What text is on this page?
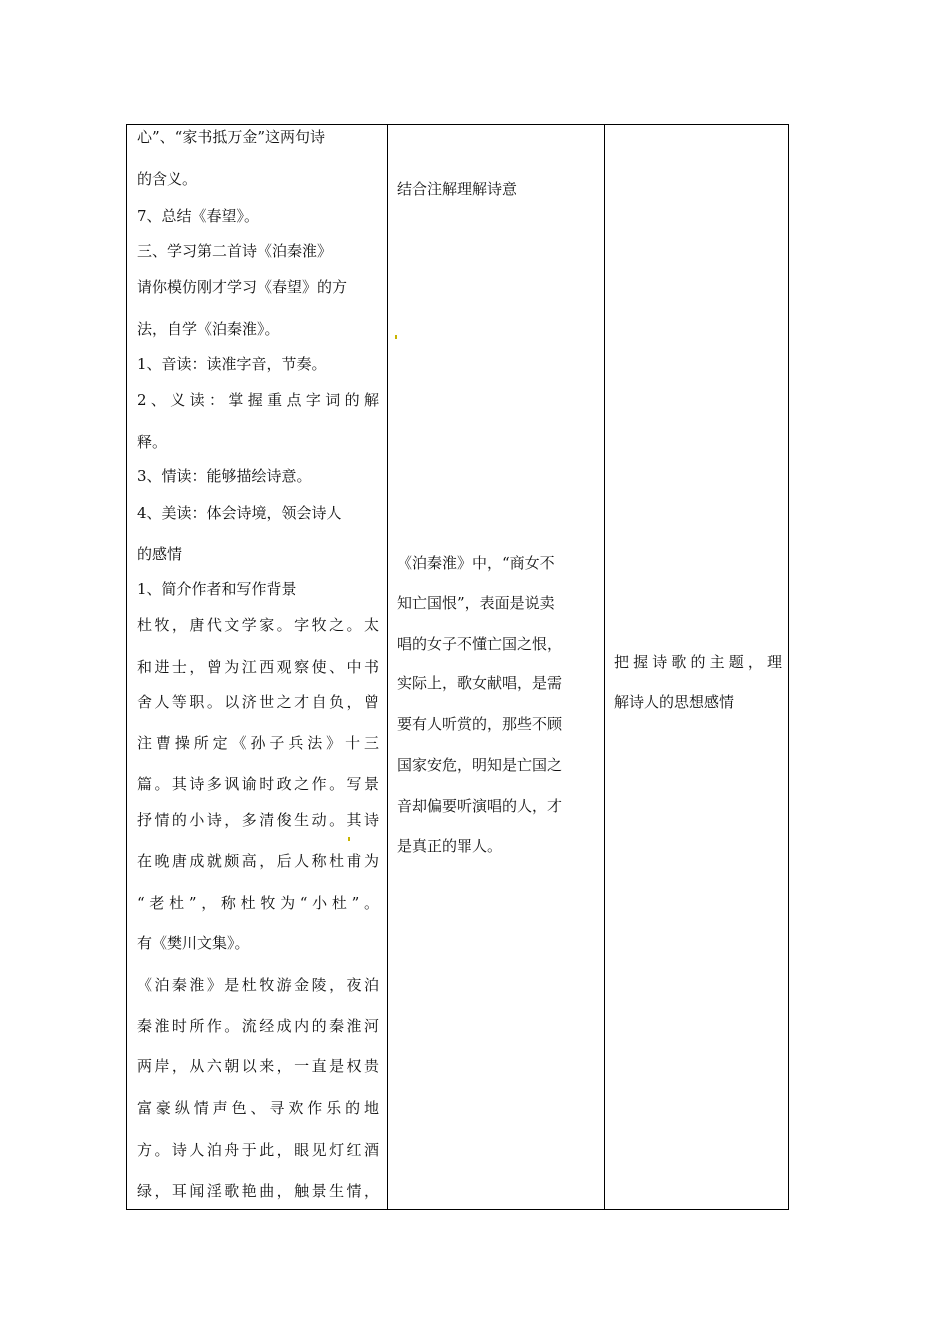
心”、“家书抵万金”这两句诗
的含义。
7、总结《春望》。
三、学习第二首诗《泊秦淮》
请你模仿刚才学习《春望》的方
法，自学《泊秦淮》。
1、音读：读准字音，节奏。
2、义读：掌握重点字词的解
释。
3、情读：能够描绘诗意。
4、美读：体会诗境，领会诗人
的感情
1、简介作者和写作背景
杜牧，唐代文学家。字牧之。太
和进士，曾为江西观察使、中书
舍人等职。以济世之才自负，曾
注曹操所定《孙子兵法》十三
篇。其诗多讽谕时政之作。写景
抒情的小诗，多清俊生动。其诗
在晚唐成就颇高，后人称杜甫为
“老杜”，称杜牧为“小杜”。
有《樊川文集》。
《泊秦淮》是杜牧游金陵，夜泊
秦淮时所作。流经成内的秦淮河
两岸，从六朝以来，一直是权贵
富豪纵情声色、寻欢作乐的地
方。诗人泊舟于此，眼见灯红酒
绿，耳闻淫歌艳曲，触景生情，
结合注解理解诗意
《泊秦淮》中，“商女不
知亡国恨”，表面是说卖
唱的女子不懂亡国之恨，
实际上，歌女献唱，是需
要有人听赏的，那些不顾
国家安危，明知是亡国之
音却偏要听演唱的人，才
是真正的罪人。
把握诗歌的主题，理
解诗人的思想感情
